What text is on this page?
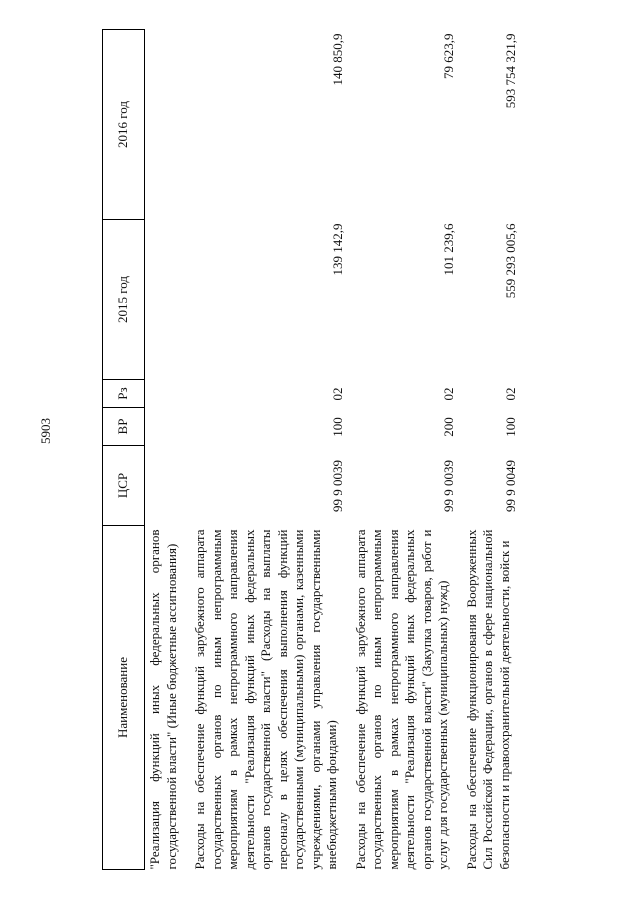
5903
Наименование	ЦСР	ВР	Рз	2015 год	2016 год
"Реализация функций иных федеральных органов государственной власти" (Иные бюджетные ассигнования)					
Расходы на обеспечение функций зарубежного аппарата государственных органов по иным непрограммным мероприятиям в рамках непрограммного направления деятельности "Реализация функций иных федеральных органов государственной власти" (Расходы на выплаты персоналу в целях обеспечения выполнения функций государственными (муниципальными) органами, казенными учреждениями, органами управления государственными внебюджетными фондами)	99 9 0039	100	02	139 142,9	140 850,9
Расходы на обеспечение функций зарубежного аппарата государственных органов по иным непрограммным мероприятиям в рамках непрограммного направления деятельности "Реализация функций иных федеральных органов государственной власти" (Закупка товаров, работ и услуг для государственных (муниципальных) нужд)	99 9 0039	200	02	101 239,6	79 623,9
Расходы на обеспечение функционирования Вооруженных Сил Российской Федерации, органов в сфере национальной безопасности и правоохранительной деятельности, войск и	99 9 0049	100	02	559 293 005,6	593 754 321,9
